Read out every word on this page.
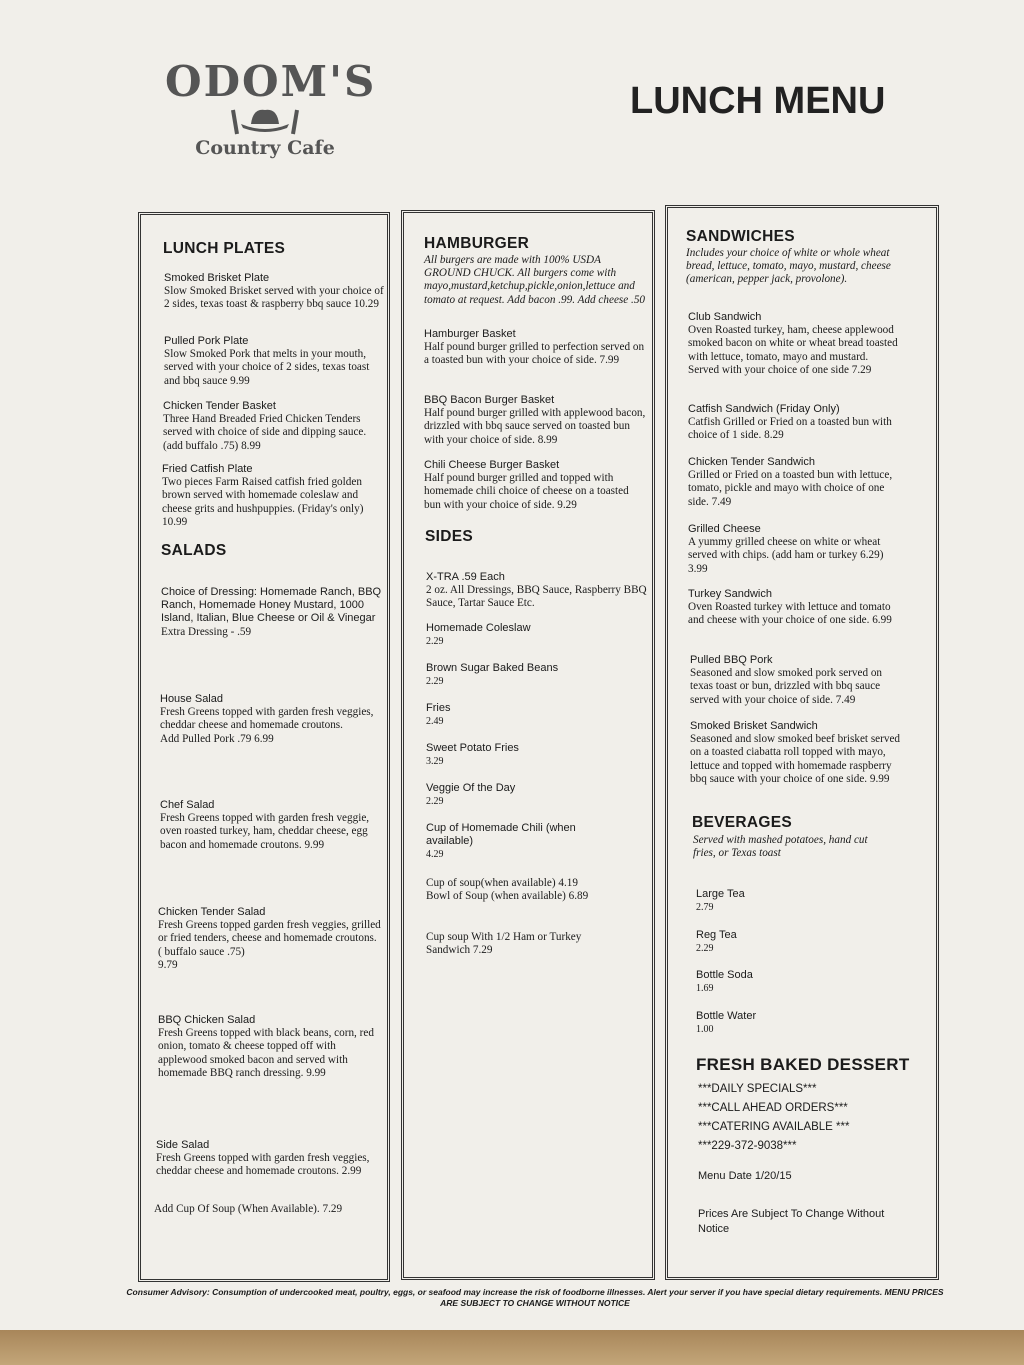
ODOM'S
Country Cafe
LUNCH MENU
LUNCH PLATES
Smoked Brisket Plate
Slow Smoked Brisket served with your choice of 2 sides, texas toast & raspberry bbq sauce 10.29
Pulled Pork Plate
Slow Smoked Pork that melts in your mouth, served with your choice of 2 sides, texas toast and bbq sauce 9.99
Chicken Tender Basket
Three Hand Breaded Fried Chicken Tenders served with choice of side and dipping sauce. (add buffalo .75) 8.99
Fried Catfish Plate
Two pieces Farm Raised catfish fried golden brown served with homemade coleslaw and cheese grits and hushpuppies. (Friday's only) 10.99
SALADS
Choice of Dressing: Homemade Ranch, BBQ Ranch, Homemade Honey Mustard, 1000 Island, Italian, Blue Cheese or Oil & Vinegar
Extra Dressing - .59
House Salad
Fresh Greens topped with garden fresh veggies, cheddar cheese and homemade croutons.
Add Pulled Pork .79 6.99
Chef Salad
Fresh Greens topped with garden fresh veggie, oven roasted turkey, ham, cheddar cheese, egg bacon and homemade croutons. 9.99
Chicken Tender Salad
Fresh Greens topped garden fresh veggies, grilled or fried tenders, cheese and homemade croutons. ( buffalo sauce .75)
9.79
BBQ Chicken Salad
Fresh Greens topped with black beans, corn, red onion, tomato & cheese topped off with applewood smoked bacon and served with homemade BBQ ranch dressing. 9.99
Side Salad
Fresh Greens topped with garden fresh veggies, cheddar cheese and homemade croutons. 2.99
Add Cup Of Soup (When Available). 7.29
HAMBURGER
All burgers are made with 100% USDA GROUND CHUCK. All burgers come with mayo,mustard,ketchup,pickle,onion,lettuce and tomato at request. Add bacon .99. Add cheese .50
Hamburger Basket
Half pound burger grilled to perfection served on a toasted bun with your choice of side. 7.99
BBQ Bacon Burger Basket
Half pound burger grilled with applewood bacon, drizzled with bbq sauce served on toasted bun with your choice of side. 8.99
Chili Cheese Burger Basket
Half pound burger grilled and topped with homemade chili choice of cheese on a toasted bun with your choice of side. 9.29
SIDES
X-TRA .59 Each
2 oz. All Dressings, BBQ Sauce, Raspberry BBQ Sauce, Tartar Sauce Etc.
Homemade Coleslaw
2.29
Brown Sugar Baked Beans
2.29
Fries
2.49
Sweet Potato Fries
3.29
Veggie Of the Day
2.29
Cup of Homemade Chili (when available)
4.29
Cup of soup(when available) 4.19
Bowl of Soup (when available) 6.89
Cup soup With 1/2 Ham or Turkey Sandwich 7.29
SANDWICHES
Includes your choice of white or whole wheat bread, lettuce, tomato, mayo, mustard, cheese (american, pepper jack, provolone).
Club Sandwich
Oven Roasted turkey, ham, cheese applewood smoked bacon on white or wheat bread toasted with lettuce, tomato, mayo and mustard. Served with your choice of one side 7.29
Catfish Sandwich (Friday Only)
Catfish Grilled or Fried on a toasted bun with choice of 1 side. 8.29
Chicken Tender Sandwich
Grilled or Fried on a toasted bun with lettuce, tomato, pickle and mayo with choice of one side. 7.49
Grilled Cheese
A yummy grilled cheese on white or wheat served with chips. (add ham or turkey 6.29) 3.99
Turkey Sandwich
Oven Roasted turkey with lettuce and tomato and cheese with your choice of one side. 6.99
Pulled BBQ Pork
Seasoned and slow smoked pork served on texas toast or bun, drizzled with bbq sauce served with your choice of side. 7.49
Smoked Brisket Sandwich
Seasoned and slow smoked beef brisket served on a toasted ciabatta roll topped with mayo, lettuce and topped with homemade raspberry bbq sauce with your choice of one side. 9.99
BEVERAGES
Served with mashed potatoes, hand cut fries, or Texas toast
Large Tea
2.79
Reg Tea
2.29
Bottle Soda
1.69
Bottle Water
1.00
FRESH BAKED DESSERT
***DAILY SPECIALS***
***CALL AHEAD ORDERS***
***CATERING AVAILABLE ***
***229-372-9038***
Menu Date 1/20/15
Prices Are Subject To Change Without Notice
Consumer Advisory: Consumption of undercooked meat, poultry, eggs, or seafood may increase the risk of foodborne illnesses. Alert your server if you have special dietary requirements. MENU PRICES ARE SUBJECT TO CHANGE WITHOUT NOTICE
